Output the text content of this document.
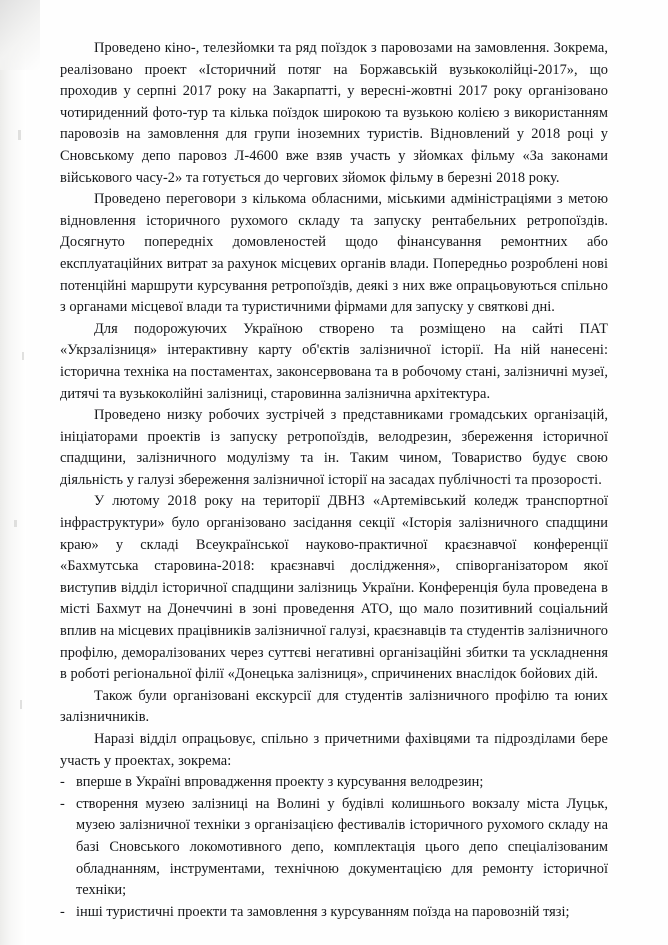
Проведено кіно-, телезйомки та ряд поїздок з паровозами на замовлення. Зокрема, реалізовано проект «Історичний потяг на Боржавській вузькоколійці-2017», що проходив у серпні 2017 року на Закарпатті, у вересні-жовтні 2017 року організовано чотириденний фото-тур та кілька поїздок широкою та вузькою колією з використанням паровозів на замовлення для групи іноземних туристів. Відновлений у 2018 році у Сновському депо паровоз Л-4600 вже взяв участь у зйомках фільму «За законами військового часу-2» та готується до чергових зйомок фільму в березні 2018 року.

Проведено переговори з кількома обласними, міськими адміністраціями з метою відновлення історичного рухомого складу та запуску рентабельних ретропоїздів. Досягнуто попередніх домовленостей щодо фінансування ремонтних або експлуатаційних витрат за рахунок місцевих органів влади. Попередньо розроблені нові потенційні маршрути курсування ретропоїздів, деякі з них вже опрацьовуються спільно з органами місцевої влади та туристичними фірмами для запуску у святкові дні.

Для подорожуючих Україною створено та розміщено на сайті ПАТ «Укрзалізниця» інтерактивну карту об'єктів залізничної історії. На ній нанесені: історична техніка на постаментах, законсервована та в робочому стані, залізничні музеї, дитячі та вузькоколійні залізниці, старовинна залізнична архітектура.

Проведено низку робочих зустрічей з представниками громадських організацій, ініціаторами проектів із запуску ретропоїздів, велодрезин, збереження історичної спадщини, залізничного модулізму та ін. Таким чином, Товариство будує свою діяльність у галузі збереження залізничної історії на засадах публічності та прозорості.

У лютому 2018 року на території ДВНЗ «Артемівський коледж транспортної інфраструктури» було організовано засідання секції «Історія залізничного спадщини краю» у складі Всеукраїнської науково-практичної краєзнавчої конференції «Бахмутська старовина-2018: краєзнавчі дослідження», співорганізатором якої виступив відділ історичної спадщини залізниць України. Конференція була проведена в місті Бахмут на Донеччині в зоні проведення АТО, що мало позитивний соціальний вплив на місцевих працівників залізничної галузі, краєзнавців та студентів залізничного профілю, деморалізованих через суттєві негативні організаційні збитки та ускладнення в роботі регіональної філії «Донецька залізниця», спричинених внаслідок бойових дій.

Також були організовані екскурсії для студентів залізничного профілю та юних залізничників.

Наразі відділ опрацьовує, спільно з причетними фахівцями та підрозділами бере участь у проектах, зокрема:

- вперше в Україні впровадження проекту з курсування велодрезин;
- створення музею залізниці на Волині у будівлі колишнього вокзалу міста Луцьк, музею залізничної техніки з організацією фестивалів історичного рухомого складу на базі Сновського локомотивного депо, комплектація цього депо спеціалізованим обладнанням, інструментами, технічною документацією для ремонту історичної техніки;
- інші туристичні проекти та замовлення з курсуванням поїзда на паровозній тязі;
